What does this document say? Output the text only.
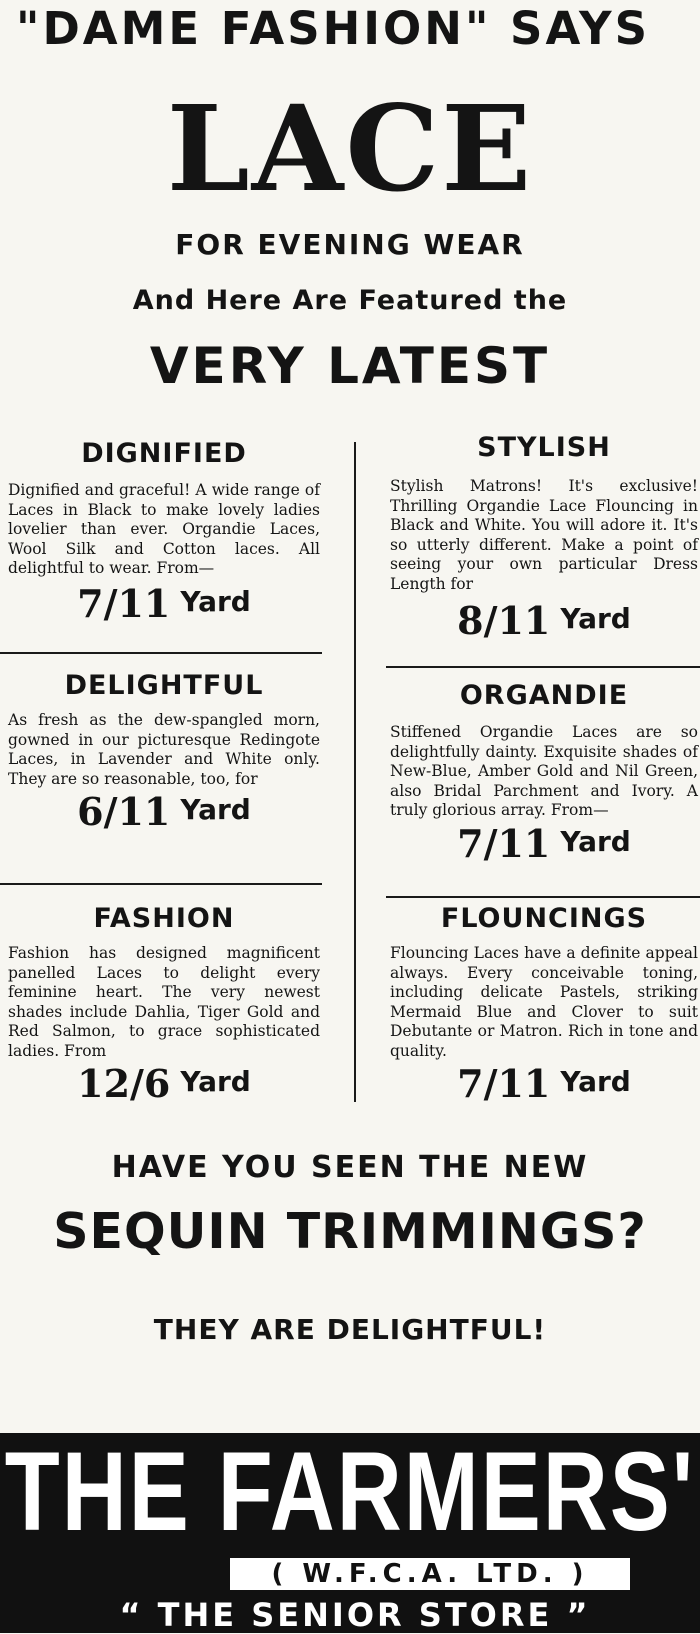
"DAME FASHION" SAYS
LACE
FOR EVENING WEAR
And Here Are Featured the
VERY LATEST
DIGNIFIED
Dignified and graceful! A wide range of Laces in Black to make lovely ladies lovelier than ever. Organdie Laces, Wool Silk and Cotton laces. All delightful to wear. From—
7/11 Yard
STYLISH
Stylish Matrons! It's exclusive! Thrilling Organdie Lace Flouncing in Black and White. You will adore it. It's so utterly different. Make a point of seeing your own particular Dress Length for
8/11 Yard
DELIGHTFUL
As fresh as the dew-spangled morn, gowned in our picturesque Redingote Laces, in Lavender and White only. They are so reasonable, too, for
6/11 Yard
ORGANDIE
Stiffened Organdie Laces are so delightfully dainty. Exquisite shades of New-Blue, Amber Gold and Nil Green, also Bridal Parchment and Ivory. A truly glorious array. From—
7/11 Yard
FASHION
Fashion has designed magnificent panelled Laces to delight every feminine heart. The very newest shades include Dahlia, Tiger Gold and Red Salmon, to grace sophisticated ladies. From
12/6 Yard
FLOUNCINGS
Flouncing Laces have a definite appeal always. Every conceivable toning, including delicate Pastels, striking Mermaid Blue and Clover to suit Debutante or Matron. Rich in tone and quality.
7/11 Yard
HAVE YOU SEEN THE NEW
SEQUIN TRIMMINGS?
THEY ARE DELIGHTFUL!
THE FARMERS'
( W.F.C.A. LTD. )
“ THE SENIOR STORE ”
